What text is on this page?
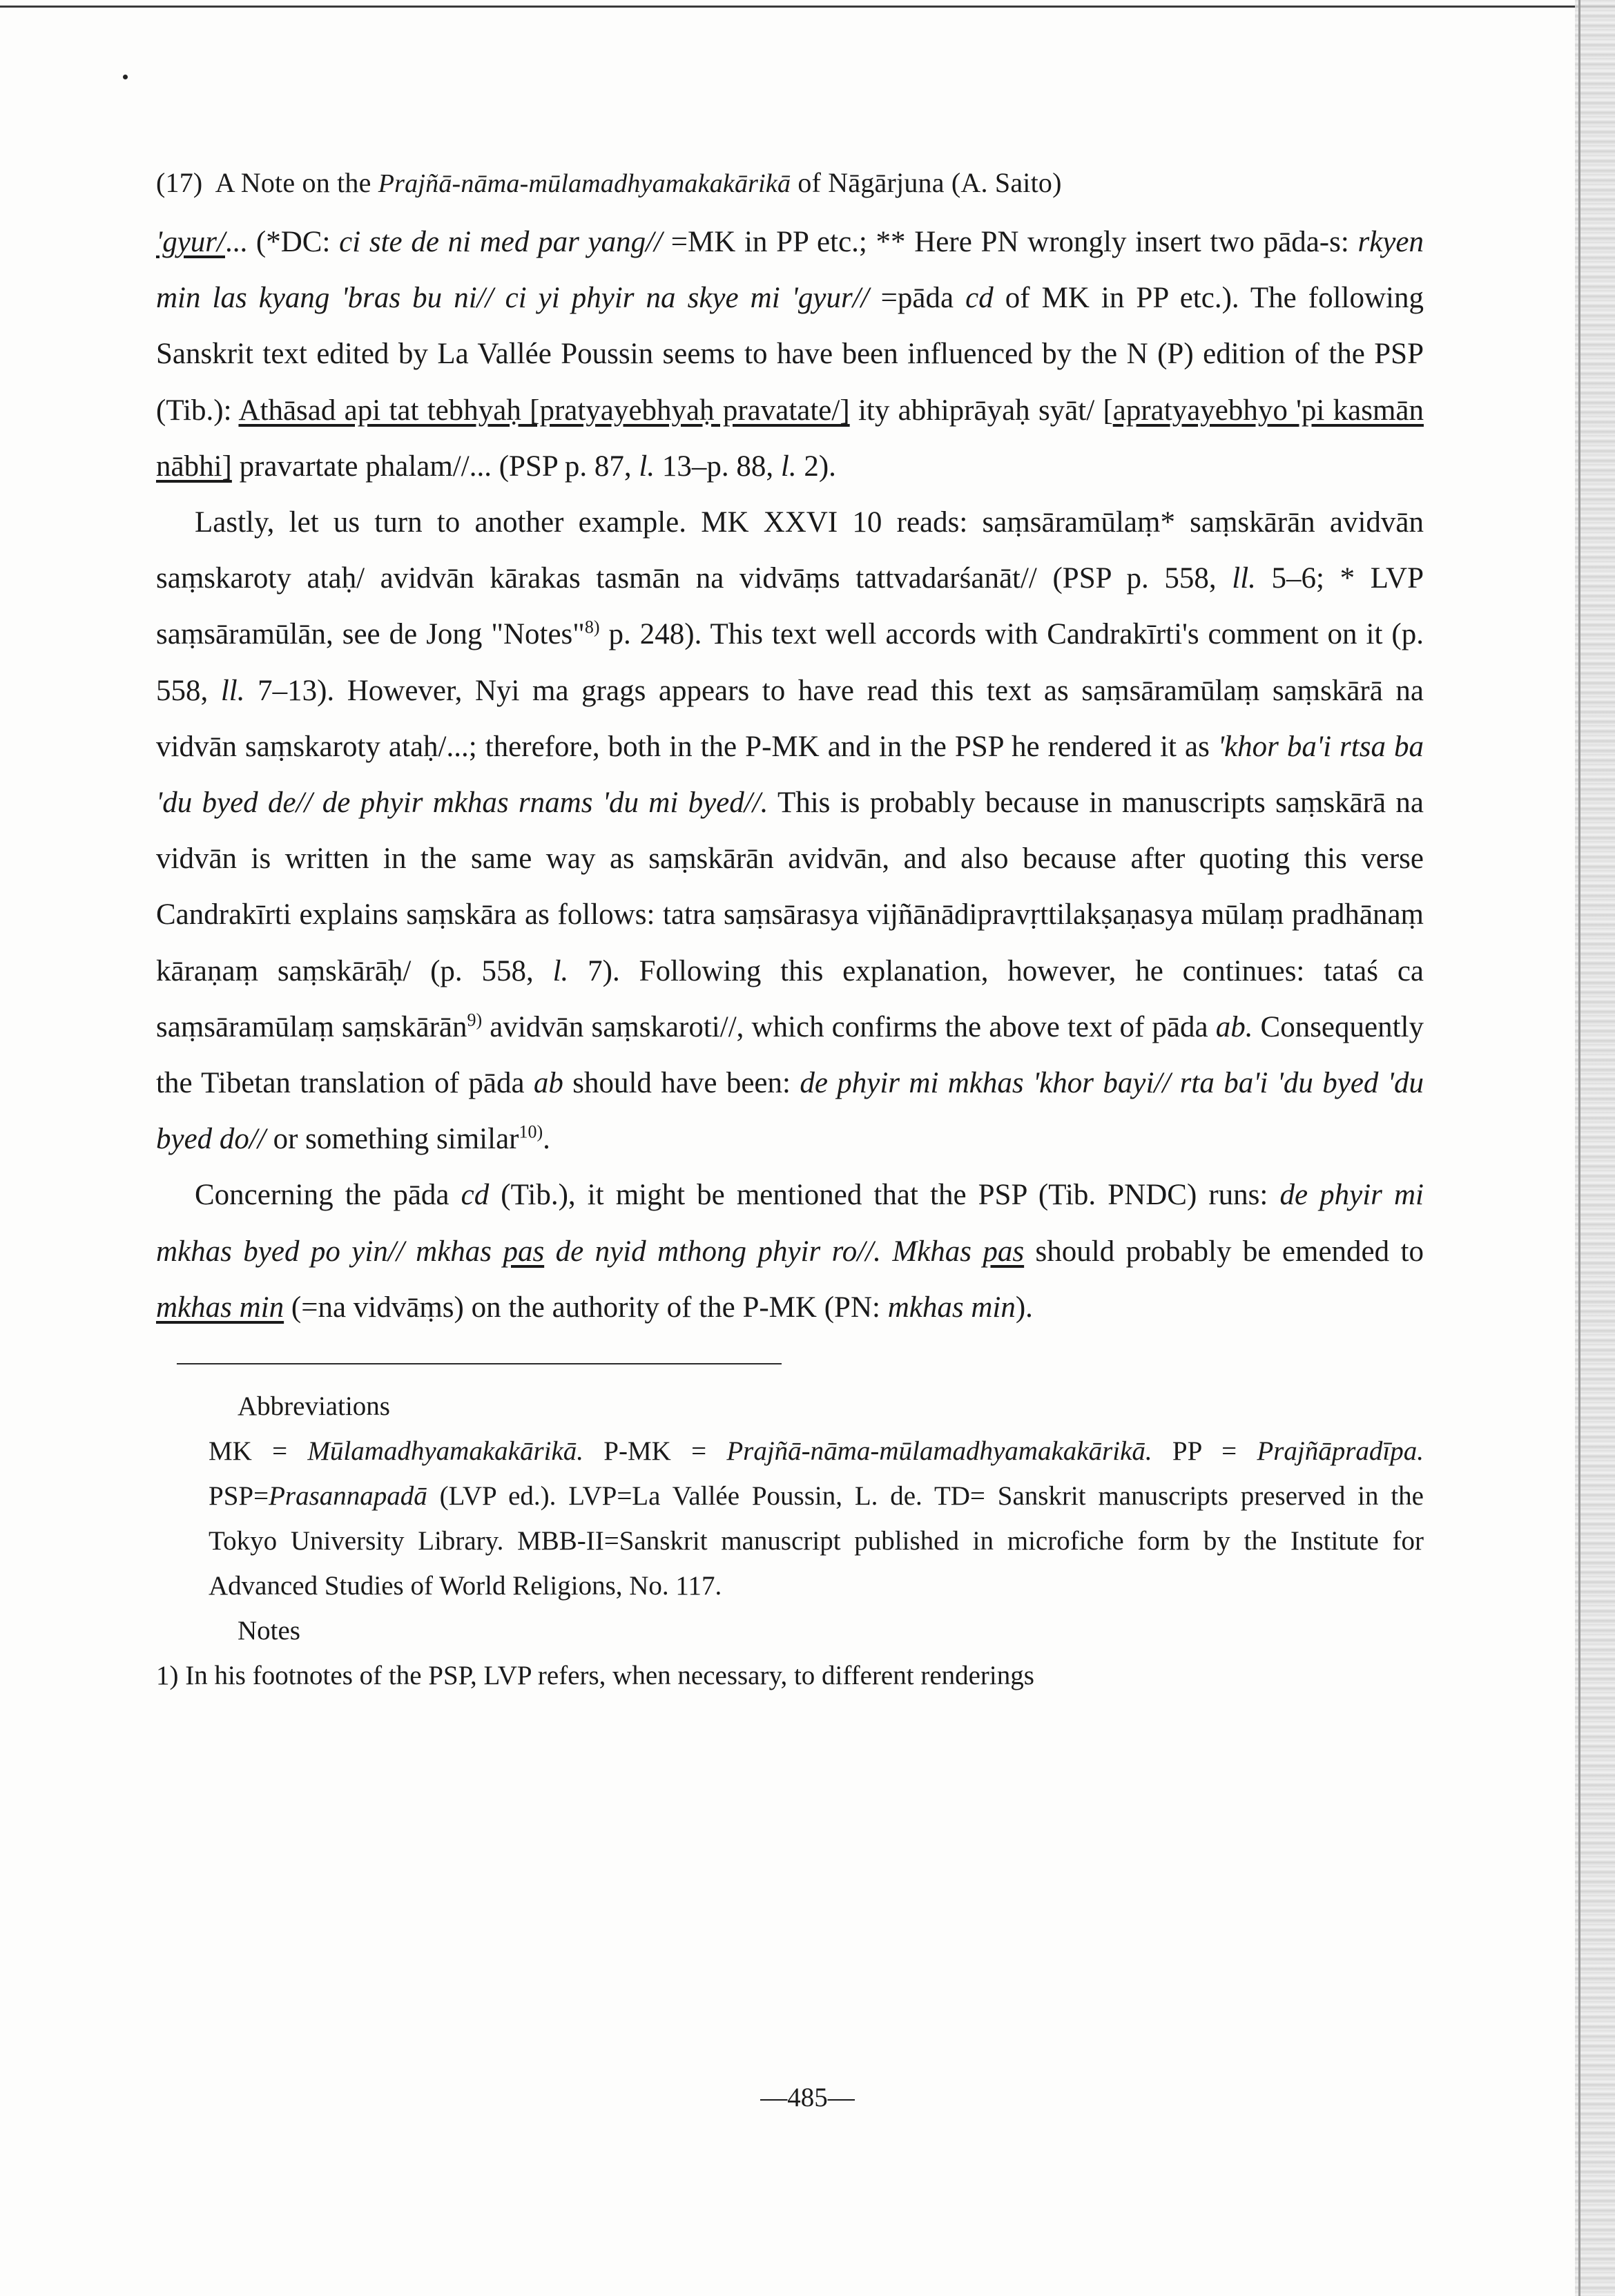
(17) A Note on the Prajñā-nāma-mūlamadhyamakakārikā of Nāgārjuna (A. Saito)

'gyur/... (*DC: ci ste de ni med par yang// =MK in PP etc.; ** Here PN wrongly insert two pāda-s: rkyen min las kyang 'bras bu ni// ci yi phyir na skye mi 'gyur// =pāda cd of MK in PP etc.). The following Sanskrit text edited by La Vallée Poussin seems to have been influenced by the N (P) edition of the PSP (Tib.): Athāsad api tat tebhyaḥ [pratyayebhyaḥ pravatate/] ity abhiprāyaḥ syāt/ [apratyayebhyo 'pi kasmān nābhi] pravartate phalam//... (PSP p. 87, l. 13–p. 88, l. 2).

Lastly, let us turn to another example. MK XXVI 10 reads: saṃsāramūlaṃ* saṃskārān avidvān saṃskaroty ataḥ/ avidvān kārakas tasmān na vidvāṃs tattvadarśanāt// (PSP p. 558, ll. 5–6; * LVP saṃsāramūlān, see de Jong "Notes"$^{8)}$ p. 248). This text well accords with Candrakīrti's comment on it (p. 558, ll. 7–13). However, Nyi ma grags appears to have read this text as saṃsāramūlaṃ saṃskārā na vidvān saṃskaroty ataḥ/...; therefore, both in the P-MK and in the PSP he rendered it as 'khor ba'i rtsa ba 'du byed de// de phyir mkhas rnams 'du mi byed//. This is probably because in manuscripts saṃskārā na vidvān is written in the same way as saṃskārān avidvān, and also because after quoting this verse Candrakīrti explains saṃskāra as follows: tatra saṃsārasya vijñānādipravṛttilakṣaṇasya mūlaṃ pradhānaṃ kāraṇaṃ saṃskārāḥ/ (p. 558, l. 7). Following this explanation, however, he continues: tataś ca saṃsāramūlaṃ saṃskārān$^{9)}$ avidvān saṃskaroti//, which confirms the above text of pāda ab. Consequently the Tibetan translation of pāda ab should have been: de phyir mi mkhas 'khor bayi// rta ba'i 'du byed 'du byed do// or something similar$^{10)}$.

Concerning the pāda cd (Tib.), it might be mentioned that the PSP (Tib. PNDC) runs: de phyir mi mkhas byed po yin// mkhas pas de nyid mthong phyir ro//. Mkhas pas should probably be emended to mkhas min (=na vidvāṃs) on the authority of the P-MK (PN: mkhas min).

Abbreviations

MK = Mūlamadhyamakakārikā. P-MK = Prajñā-nāma-mūlamadhyamakakārikā. PP = Prajñāpradīpa. PSP=Prasannapadā (LVP ed.). LVP=La Vallée Poussin, L. de. TD= Sanskrit manuscripts preserved in the Tokyo University Library. MBB-II=Sanskrit manuscript published in microfiche form by the Institute for Advanced Studies of World Religions, No. 117.

Notes

1) In his footnotes of the PSP, LVP refers, when necessary, to different renderings

—485—
